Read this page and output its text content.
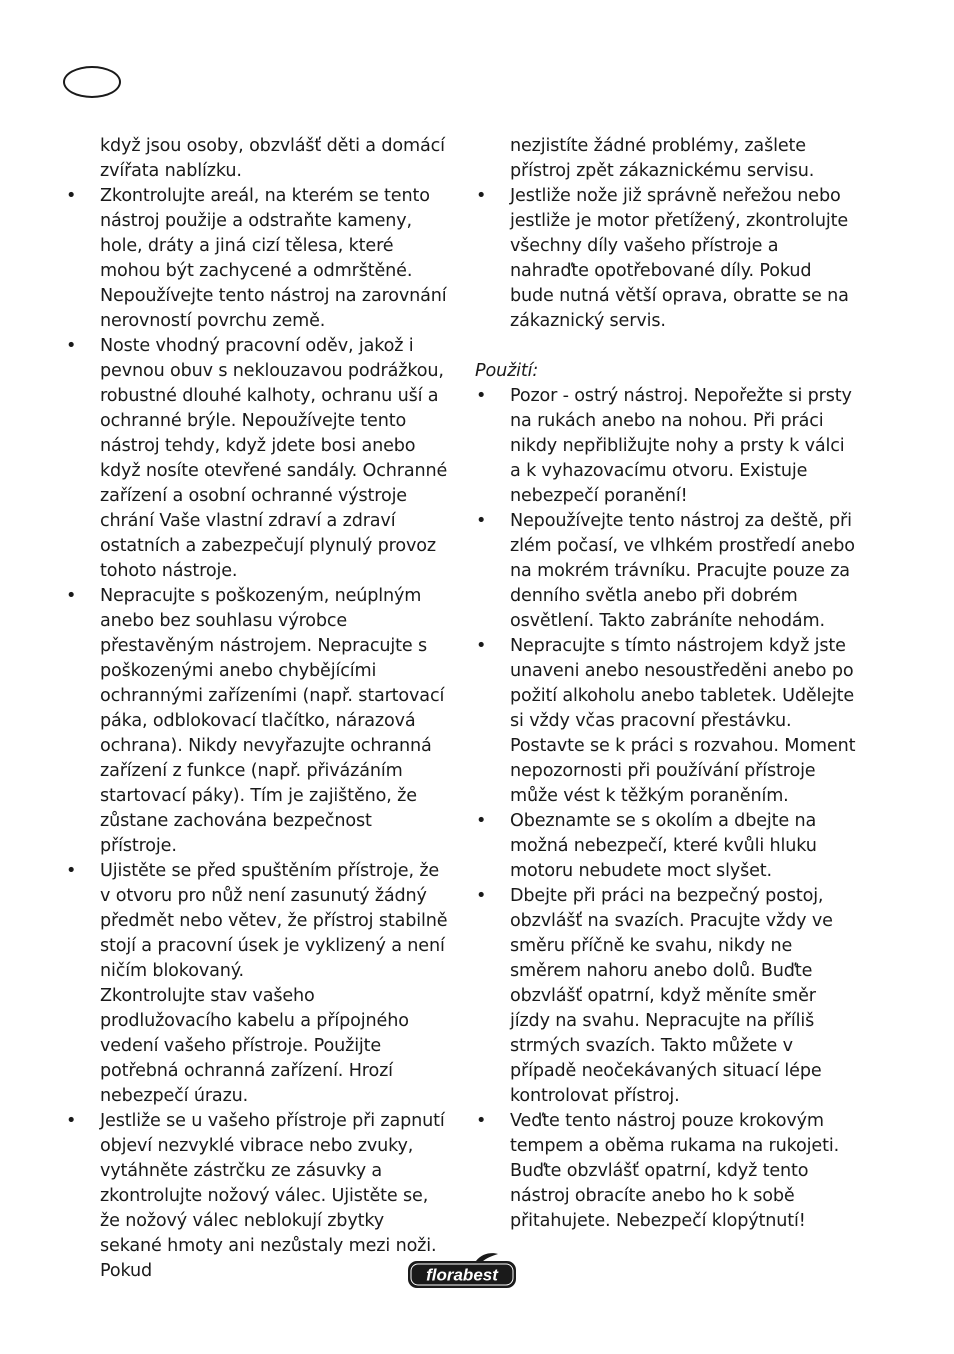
když jsou osoby, obzvlášť děti a domácí zvířata nablízku.

• Zkontrolujte areál, na kterém se tento nástroj použije a odstraňte kameny, hole, dráty a jiná cizí tělesa, které mohou být zachycené a odmrštěné. Nepoužívejte tento nástroj na zarovnání nerovností povrchu země.

• Noste vhodný pracovní oděv, jakož i pevnou obuv s neklouzavou podrážkou, robustné dlouhé kalhoty, ochranu uší a ochranné brýle. Nepoužívejte tento nástroj tehdy, když jdete bosi anebo když nosíte otevřené sandály. Ochranné zařízení a osobní ochranné výstroje chrání Vaše vlastní zdraví a zdraví ostatních a zabezpečují plynulý provoz tohoto nástroje.

• Nepracujte s poškozeným, neúplným anebo bez souhlasu výrobce přestavěným nástrojem. Nepracujte s poškozenými anebo chybějícími ochrannými zařízeními (např. startovací páka, odblokovací tlačítko, nárazová ochrana). Nikdy nevyřazujte ochranná zařízení z funkce (např. přivázáním startovací páky). Tím je zajištěno, že zůstane zachována bezpečnost přístroje.

• Ujistěte se před spuštěním přístroje, že v otvoru pro nůž není zasunutý žádný předmět nebo větev, že přístroj stabilně stojí a pracovní úsek je vyklizený a není ničím blokovaný.

Zkontrolujte stav vašeho prodlužovacího kabelu a přípojného vedení vašeho přístroje. Použijte potřebná ochranná zařízení. Hrozí nebezpečí úrazu.

• Jestliže se u vašeho přístroje při zapnutí objeví nezvyklé vibrace nebo zvuky, vytáhněte zástrčku ze zásuvky a zkontrolujte nožový válec. Ujistěte se, že nožový válec neblokují zbytky sekané hmoty ani nezůstaly mezi noži. Pokud

nezjistíte žádné problémy, zašlete přístroj zpět zákaznickému servisu.

• Jestliže nože již správně neřežou nebo jestliže je motor přetížený, zkontrolujte všechny díly vašeho přístroje a nahraďte opotřebované díly. Pokud bude nutná větší oprava, obratte se na zákaznický servis.

Použití:

• Pozor - ostrý nástroj. Nepořežte si prsty na rukách anebo na nohou. Při práci nikdy nepřibližujte nohy a prsty k válci a k vyhazovacímu otvoru. Existuje nebezpečí poranění!

• Nepoužívejte tento nástroj za deště, při zlém počasí, ve vlhkém prostředí anebo na mokrém trávníku. Pracujte pouze za denního světla anebo při dobrém osvětlení. Takto zabráníte nehodám.

• Nepracujte s tímto nástrojem když jste unaveni anebo nesoustředěni anebo po požití alkoholu anebo tabletek. Udělejte si vždy včas pracovní přestávku. Postavte se k práci s rozvahou. Moment nepozornosti při používání přístroje může vést k těžkým poraněním.

• Obeznamte se s okolím a dbejte na možná nebezpečí, které kvůli hluku motoru nebudete moct slyšet.

• Dbejte při práci na bezpečný postoj, obzvlášť na svazích. Pracujte vždy ve směru příčně ke svahu, nikdy ne směrem nahoru anebo dolů. Buďte obzvlášť opatrní, když měníte směr jízdy na svahu. Nepracujte na příliš strmých svazích. Takto můžete v případě neočekávaných situací lépe kontrolovat přístroj.

• Veďte tento nástroj pouze krokovým tempem a oběma rukama na rukojeti. Buďte obzvlášť opatrní, když tento nástroj obracíte anebo ho k sobě přitahujete. Nebezpečí klopýtnutí!

florabest
